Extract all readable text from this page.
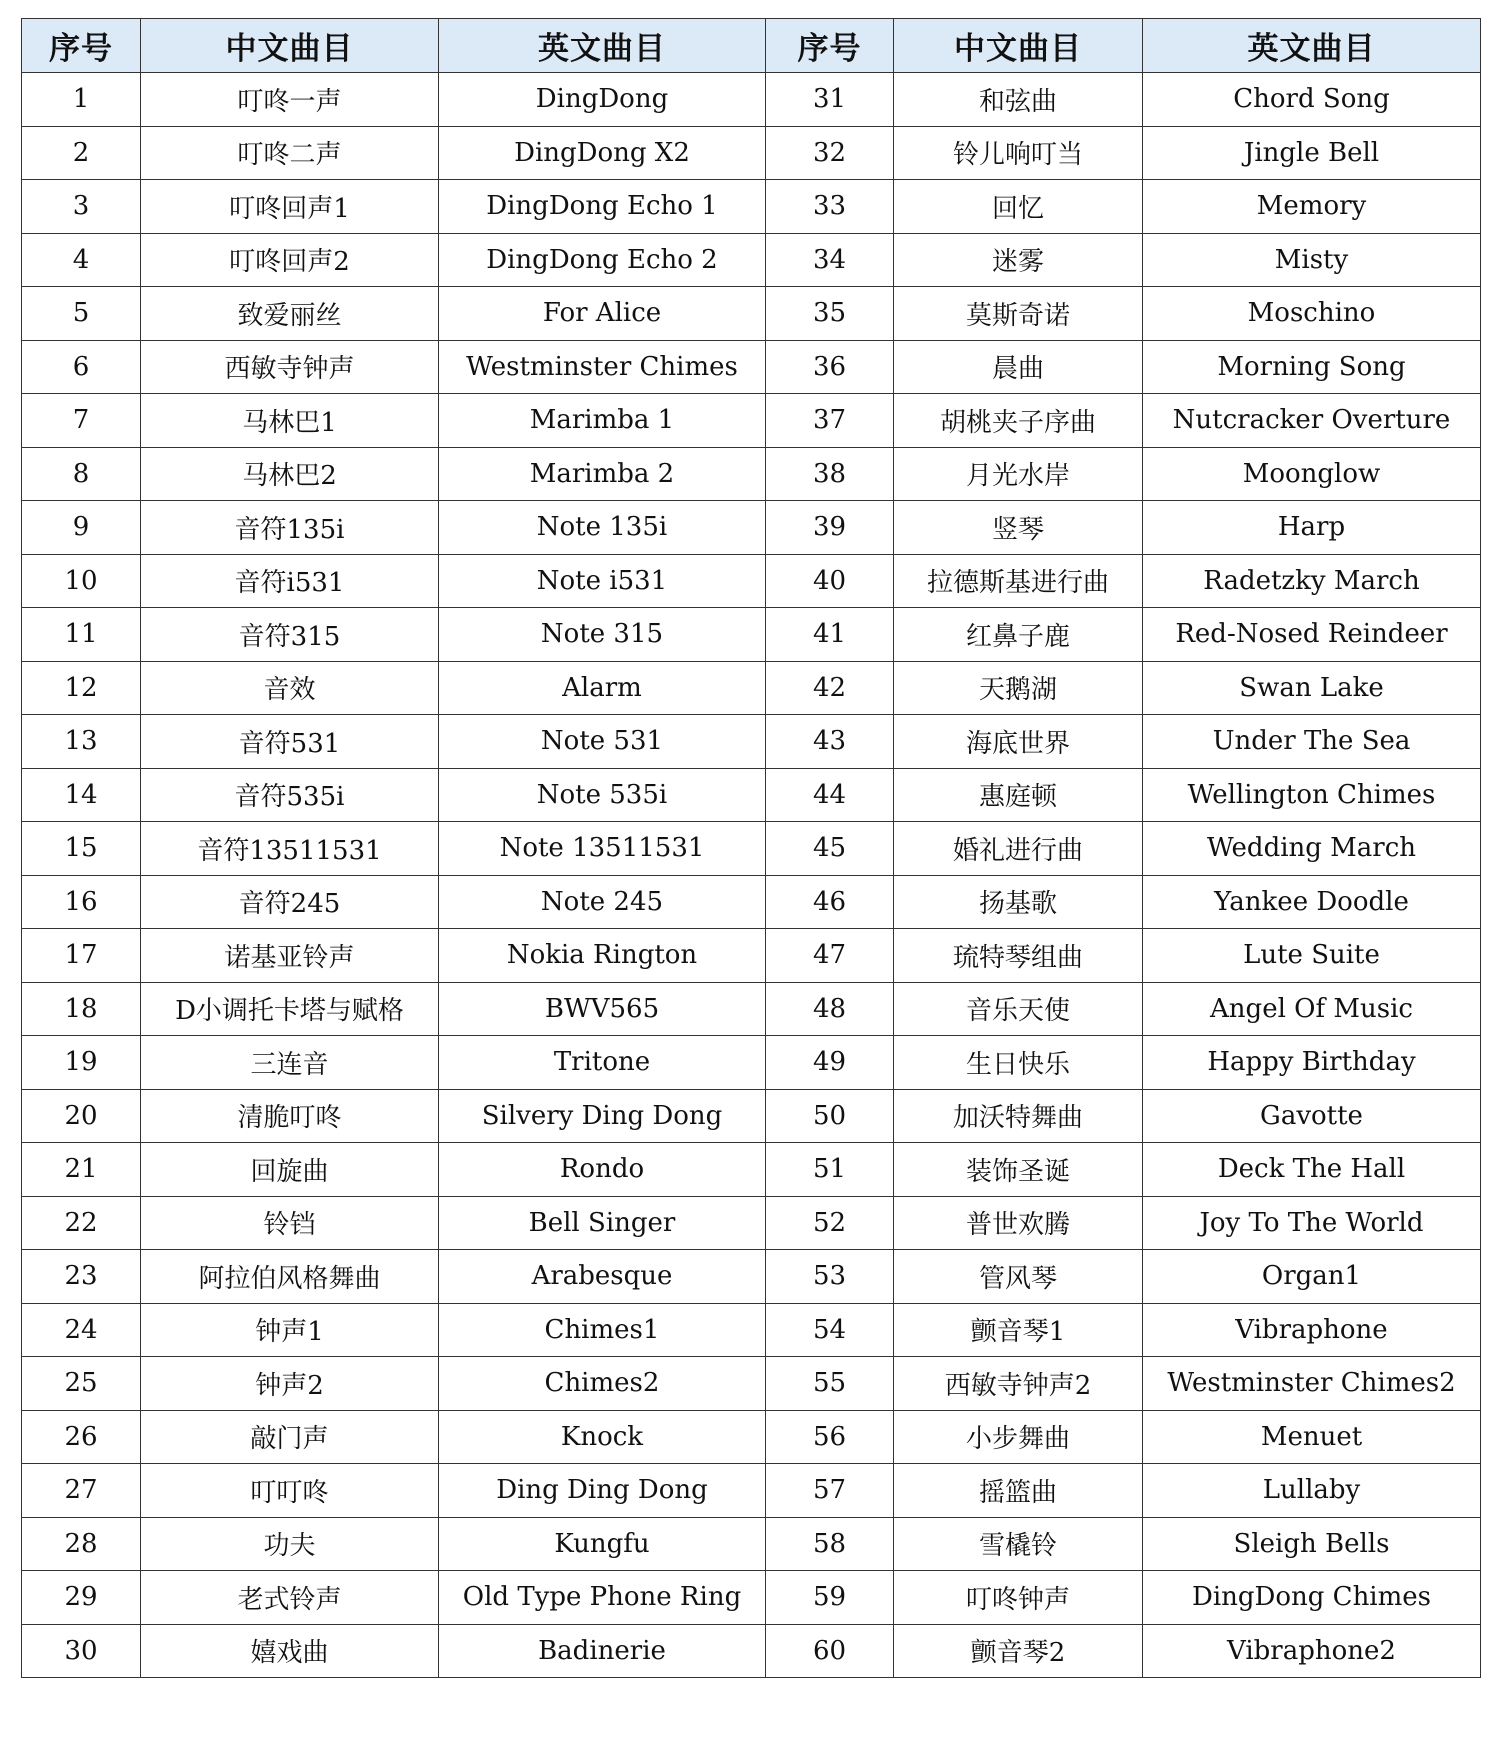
序号	中文曲目	英文曲目	序号	中文曲目	英文曲目
1	叮咚一声	DingDong	31	和弦曲	Chord Song
2	叮咚二声	DingDong X2	32	铃儿响叮当	Jingle Bell
3	叮咚回声1	DingDong Echo 1	33	回忆	Memory
4	叮咚回声2	DingDong Echo 2	34	迷雾	Misty
5	致爱丽丝	For Alice	35	莫斯奇诺	Moschino
6	西敏寺钟声	Westminster Chimes	36	晨曲	Morning Song
7	马林巴1	Marimba 1	37	胡桃夹子序曲	Nutcracker Overture
8	马林巴2	Marimba 2	38	月光水岸	Moonglow
9	音符135i	Note 135i	39	竖琴	Harp
10	音符i531	Note i531	40	拉德斯基进行曲	Radetzky March
11	音符315	Note 315	41	红鼻子鹿	Red-Nosed Reindeer
12	音效	Alarm	42	天鹅湖	Swan Lake
13	音符531	Note 531	43	海底世界	Under The Sea
14	音符535i	Note 535i	44	惠庭顿	Wellington Chimes
15	音符13511531	Note 13511531	45	婚礼进行曲	Wedding March
16	音符245	Note 245	46	扬基歌	Yankee Doodle
17	诺基亚铃声	Nokia Rington	47	琉特琴组曲	Lute Suite
18	D小调托卡塔与赋格	BWV565	48	音乐天使	Angel Of Music
19	三连音	Tritone	49	生日快乐	Happy Birthday
20	清脆叮咚	Silvery Ding Dong	50	加沃特舞曲	Gavotte
21	回旋曲	Rondo	51	装饰圣诞	Deck The Hall
22	铃铛	Bell Singer	52	普世欢腾	Joy To The World
23	阿拉伯风格舞曲	Arabesque	53	管风琴	Organ1
24	钟声1	Chimes1	54	颤音琴1	Vibraphone
25	钟声2	Chimes2	55	西敏寺钟声2	Westminster Chimes2
26	敲门声	Knock	56	小步舞曲	Menuet
27	叮叮咚	Ding Ding Dong	57	摇篮曲	Lullaby
28	功夫	Kungfu	58	雪橇铃	Sleigh Bells
29	老式铃声	Old Type Phone Ring	59	叮咚钟声	DingDong Chimes
30	嬉戏曲	Badinerie	60	颤音琴2	Vibraphone2
